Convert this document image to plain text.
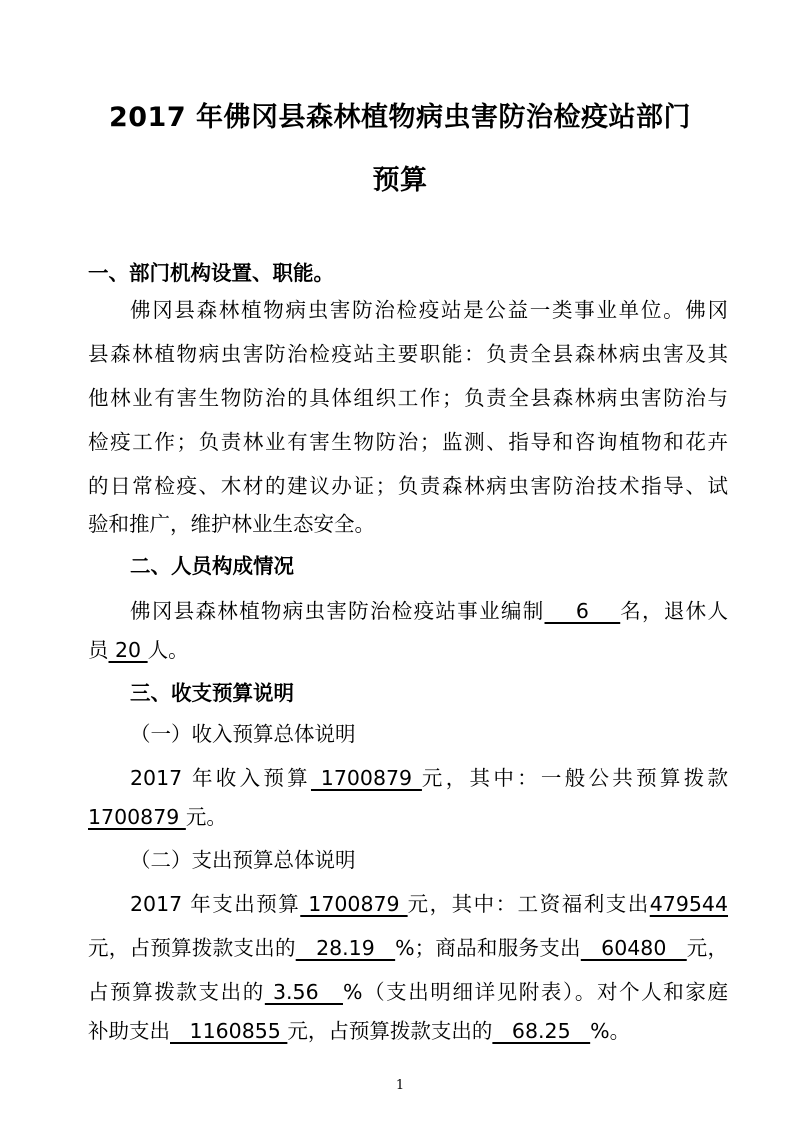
2017 年佛冈县森林植物病虫害防治检疫站部门
预算
一、部门机构设置、职能。
佛冈县森林植物病虫害防治检疫站是公益一类事业单位。佛冈
县森林植物病虫害防治检疫站主要职能：负责全县森林病虫害及其
他林业有害生物防治的具体组织工作；负责全县森林病虫害防治与
检疫工作；负责林业有害生物防治；监测、指导和咨询植物和花卉
的日常检疫、木材的建议办证；负责森林病虫害防治技术指导、试
验和推广，维护林业生态安全。
二、人员构成情况
佛冈县森林植物病虫害防治检疫站事业编制    6    名，退休人
员 20 人。
三、收支预算说明
（一）收入预算总体说明
2017 年收入预算 1700879 元，其中：一般公共预算拨款
1700879 元。
（二）支出预算总体说明
2017 年支出预算 1700879 元，其中：工资福利支出479544
元，占预算拨款支出的   28.19   %；商品和服务支出   60480   元，
占预算拨款支出的 3.56   %（支出明细详见附表）。对个人和家庭
补助支出   1160855 元，占预算拨款支出的   68.25   %。
1
